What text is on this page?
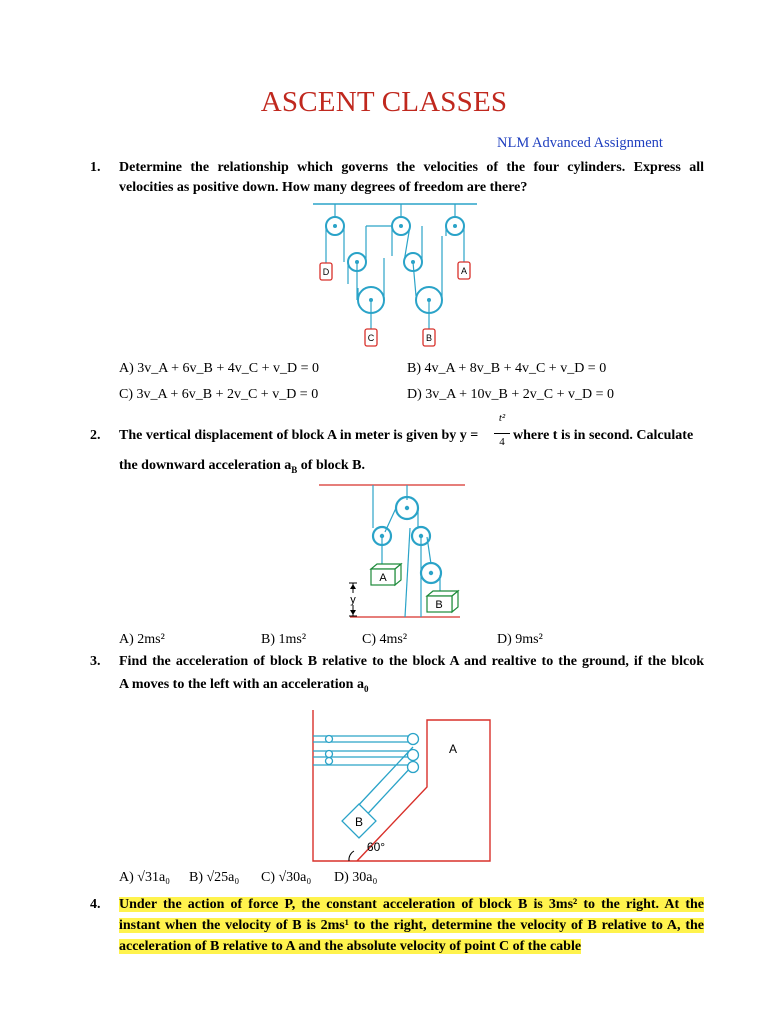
ASCENT CLASSES
NLM Advanced Assignment
1. Determine the relationship which governs the velocities of the four cylinders. Express all
velocities as positive down. How many degrees of freedom are there?
D	A
C	B
A) 3v_A + 6v_B + 4v_C + v_D = 0	B) 4v_A + 8v_B + 4v_C + v_D = 0
C) 3v_A + 6v_B + 2v_C + v_D = 0	D) 3v_A + 10v_B + 2v_C + v_D = 0
2. The vertical displacement of block A in meter is given by y =
t²
4 where t is in second. Calculate
the downward acceleration $a_B$ of block B.
A
B
y
A) 2ms²	B) 1ms²	C) 4ms²	D) 9ms²
3. Find the acceleration of block B relative to the block A and realtive to the ground, if the blcok
A moves to the left with an acceleration $a_0$
B
A
60°
A) √31a₀ B) √25a₀ C) √30a₀ D) 30a₀
4. Under the action of force P, the constant acceleration of block B is 3ms² to the right. At the
instant when the velocity of B is 2ms¹ to the right, determine the velocity of B relative to A, the
acceleration of B relative to A and the absolute velocity of point C of the cable
